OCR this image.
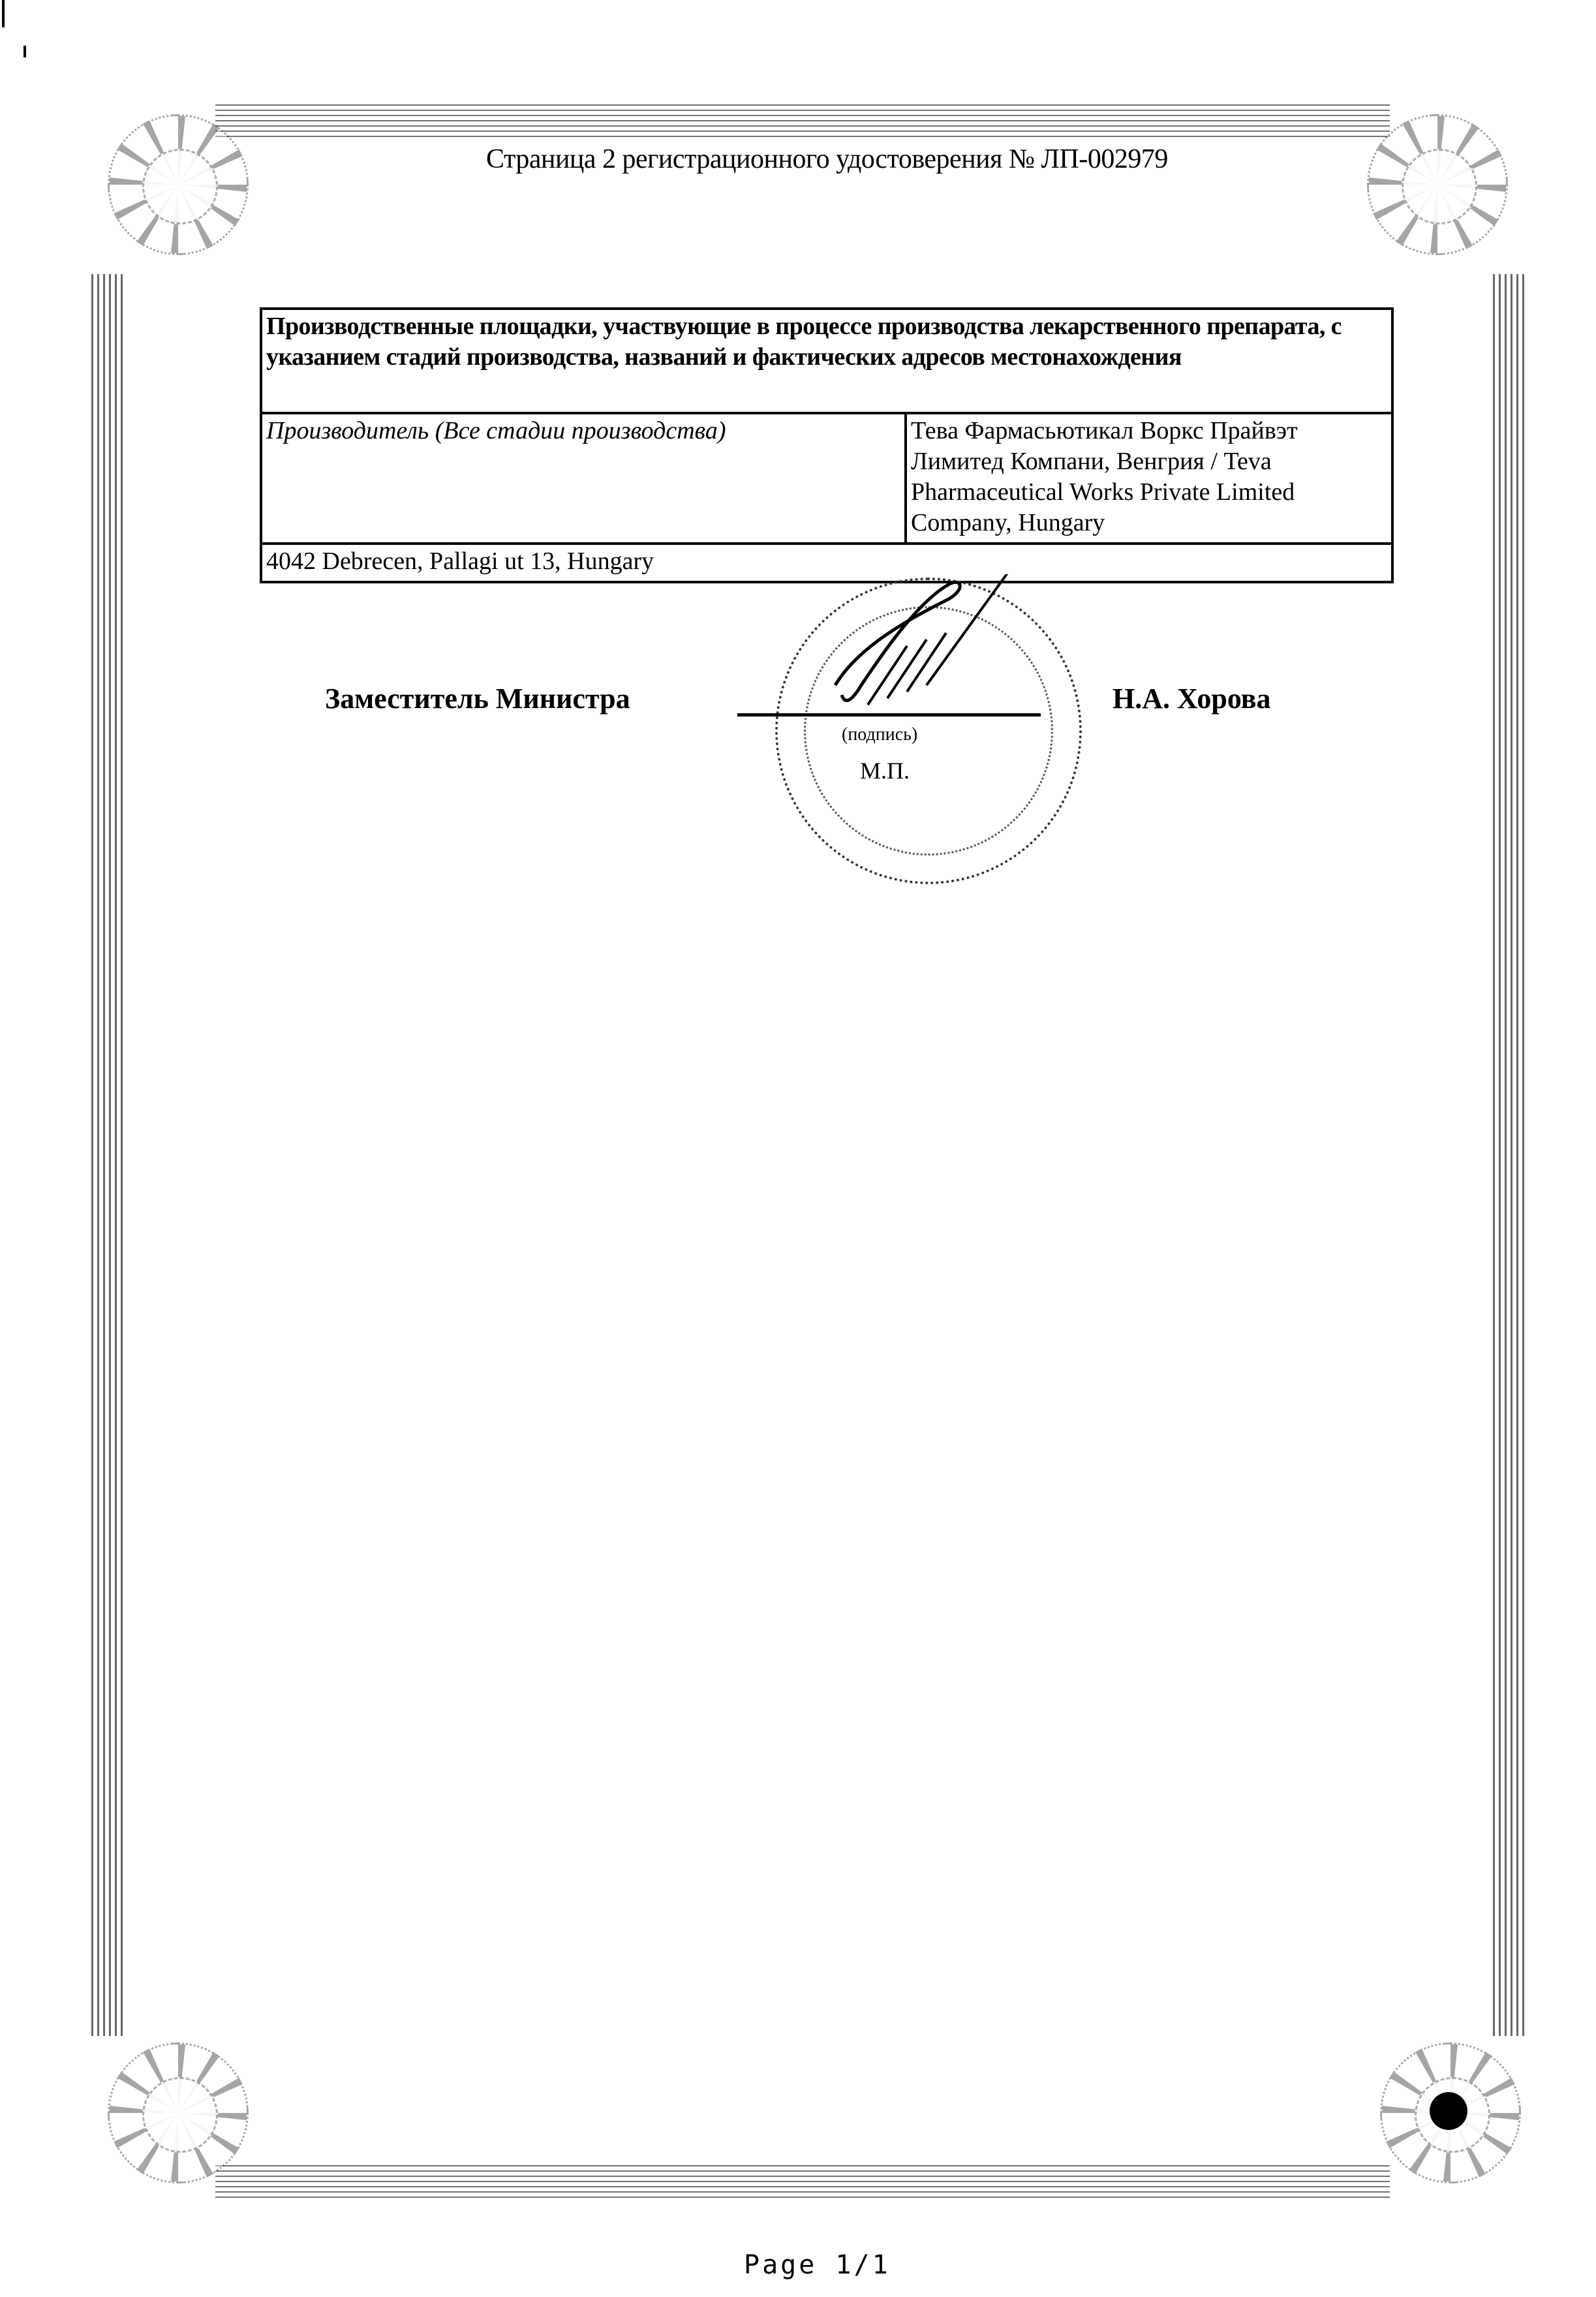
Страница 2 регистрационного удостоверения № ЛП-002979
Производственные площадки, участвующие в процессе производства лекарственного препарата, с указанием стадий производства, названий и фактических адресов местонахождения
Производитель (Все стадии производства)	Тева Фармасьютикал Воркс Прайвэт Лимитед Компани, Венгрия / Teva Pharmaceutical Works Private Limited Company, Hungary
4042 Debrecen, Pallagi ut 13, Hungary
Заместитель Министра
(подпись)
М.П.
Н.А. Хорова
Page 1/1
